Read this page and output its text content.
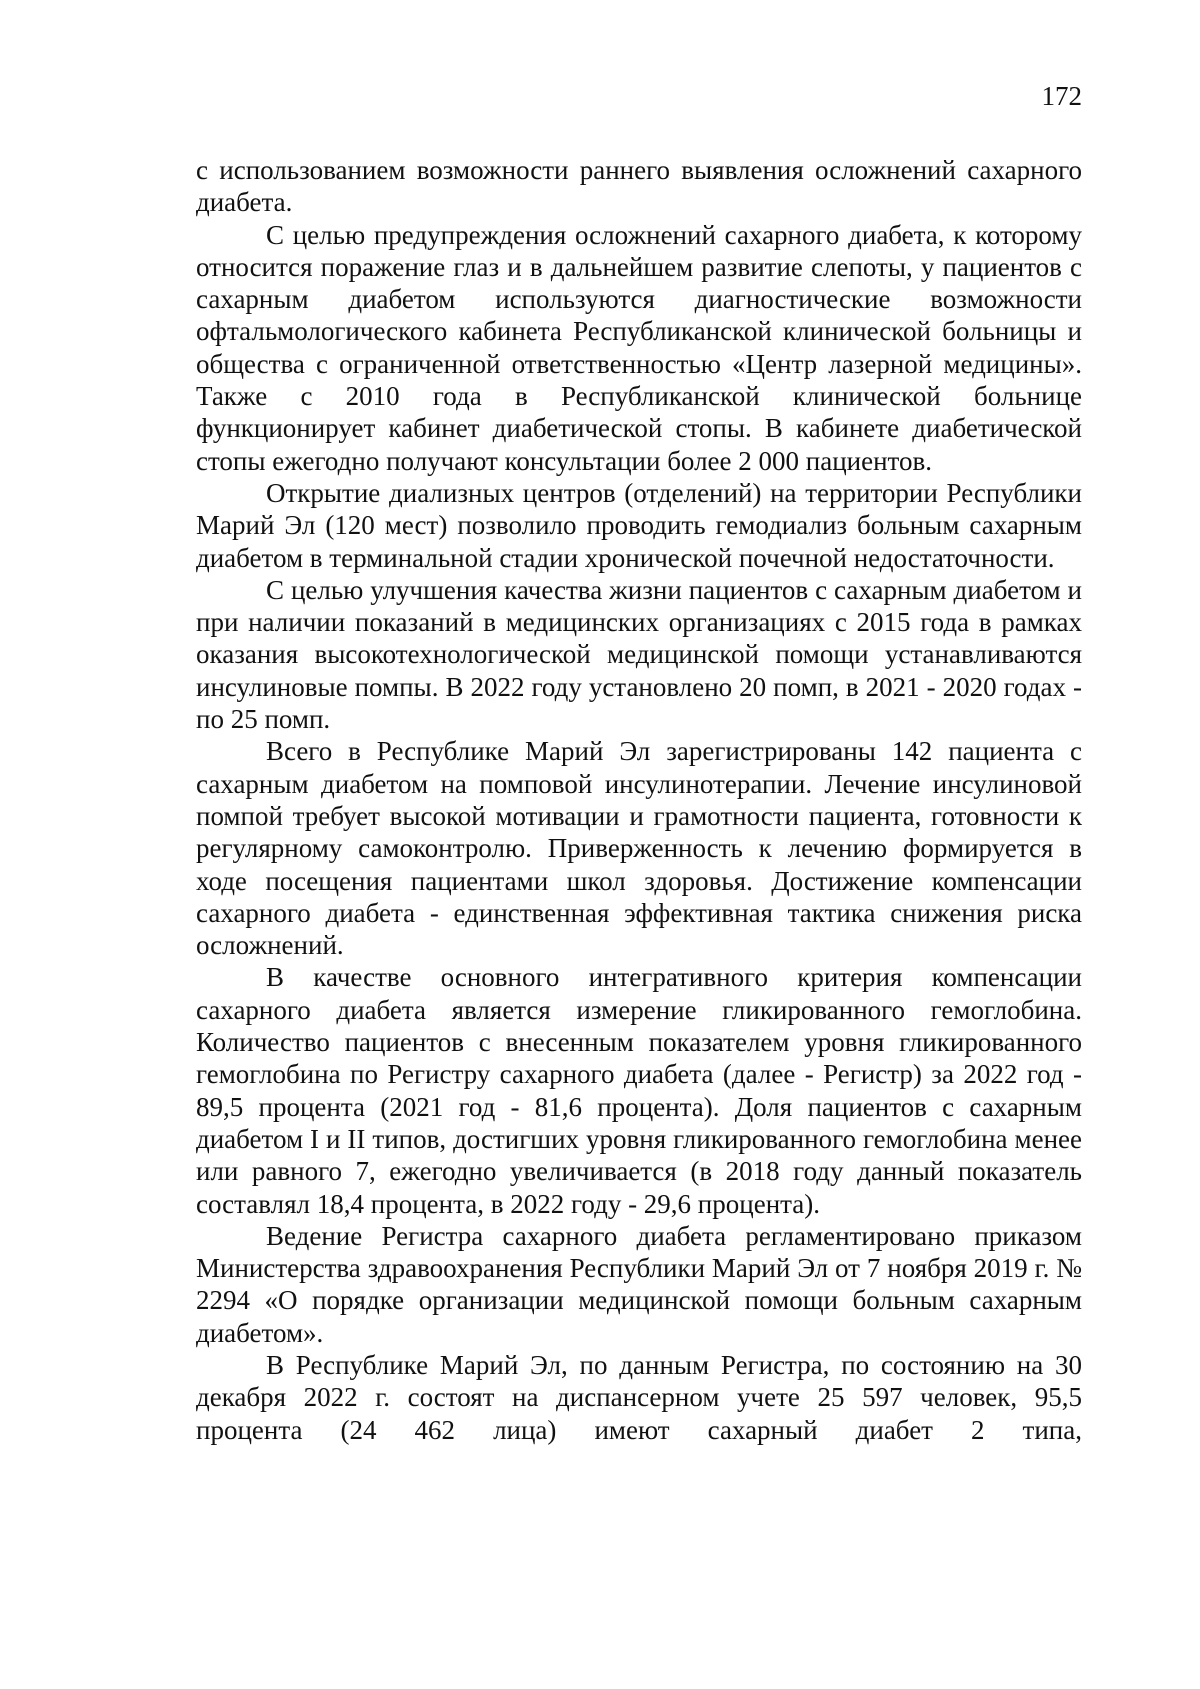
172

с использованием возможности раннего выявления осложнений сахарного диабета.

С целью предупреждения осложнений сахарного диабета, к которому относится поражение глаз и в дальнейшем развитие слепоты, у пациентов с сахарным диабетом используются диагностические возможности офтальмологического кабинета Республиканской клинической больницы и общества с ограниченной ответственностью «Центр лазерной медицины». Также с 2010 года в Республиканской клинической больнице функционирует кабинет диабетической стопы. В кабинете диабетической стопы ежегодно получают консультации более 2 000 пациентов.

Открытие диализных центров (отделений) на территории Республики Марий Эл (120 мест) позволило проводить гемодиализ больным сахарным диабетом в терминальной стадии хронической почечной недостаточности.

С целью улучшения качества жизни пациентов с сахарным диабетом и при наличии показаний в медицинских организациях с 2015 года в рамках оказания высокотехнологической медицинской помощи устанавливаются инсулиновые помпы. В 2022 году установлено 20 помп, в 2021 - 2020 годах - по 25 помп.

Всего в Республике Марий Эл зарегистрированы 142 пациента с сахарным диабетом на помповой инсулинотерапии. Лечение инсулиновой помпой требует высокой мотивации и грамотности пациента, готовности к регулярному самоконтролю. Приверженность к лечению формируется в ходе посещения пациентами школ здоровья. Достижение компенсации сахарного диабета - единственная эффективная тактика снижения риска осложнений.

В качестве основного интегративного критерия компенсации сахарного диабета является измерение гликированного гемоглобина. Количество пациентов с внесенным показателем уровня гликированного гемоглобина по Регистру сахарного диабета (далее - Регистр) за 2022 год - 89,5 процента (2021 год - 81,6 процента). Доля пациентов с сахарным диабетом I и II типов, достигших уровня гликированного гемоглобина менее или равного 7, ежегодно увеличивается (в 2018 году данный показатель составлял 18,4 процента, в 2022 году - 29,6 процента).

Ведение Регистра сахарного диабета регламентировано приказом Министерства здравоохранения Республики Марий Эл от 7 ноября 2019 г. № 2294 «О порядке организации медицинской помощи больным сахарным диабетом».

В Республике Марий Эл, по данным Регистра, по состоянию на 30 декабря 2022 г. состоят на диспансерном учете 25 597 человек, 95,5 процента (24 462 лица) имеют сахарный диабет 2 типа,
